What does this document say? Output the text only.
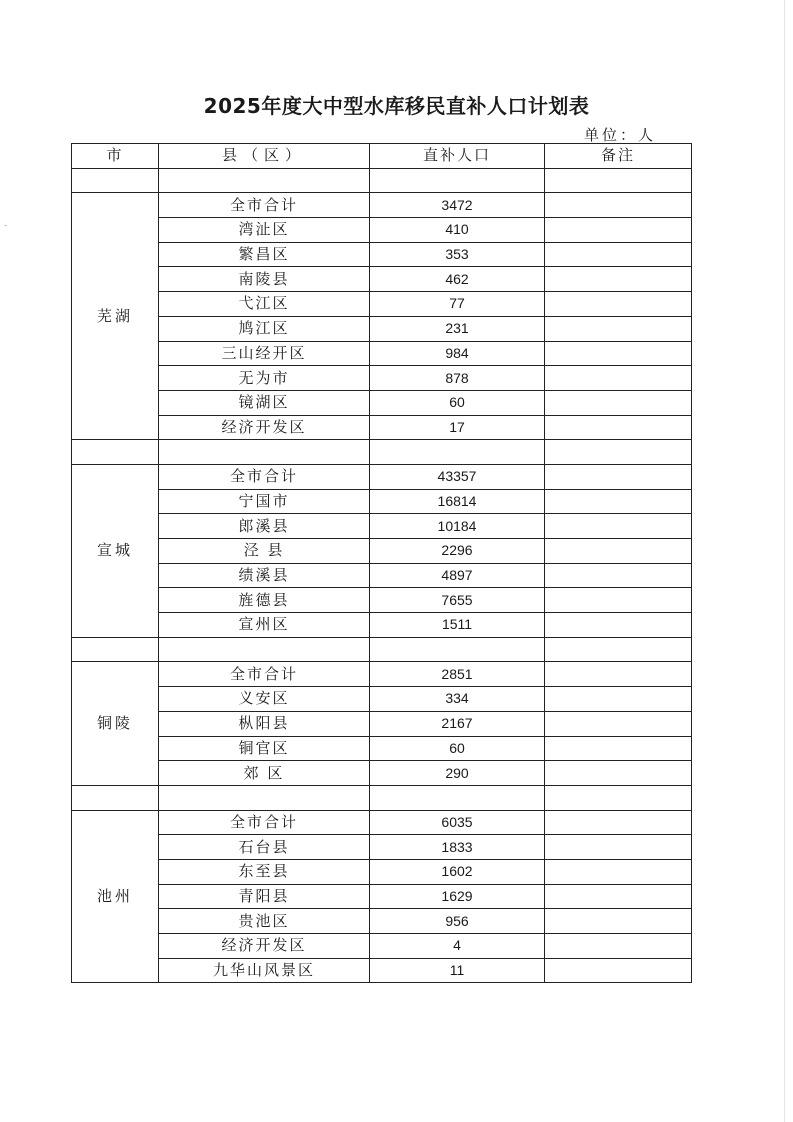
2025年度大中型水库移民直补人口计划表
单位：人
市	县（区）	直补人口	备注

芜湖	全市合计	3472	
	湾沚区	410	
	繁昌区	353	
	南陵县	462	
	弋江区	77	
	鸠江区	231	
	三山经开区	984	
	无为市	878	
	镜湖区	60	
	经济开发区	17	

宣城	全市合计	43357	
	宁国市	16814	
	郎溪县	10184	
	泾 县	2296	
	绩溪县	4897	
	旌德县	7655	
	宣州区	1511	

铜陵	全市合计	2851	
	义安区	334	
	枞阳县	2167	
	铜官区	60	
	郊 区	290	

池州	全市合计	6035	
	石台县	1833	
	东至县	1602	
	青阳县	1629	
	贵池区	956	
	经济开发区	4	
	九华山风景区	11	
